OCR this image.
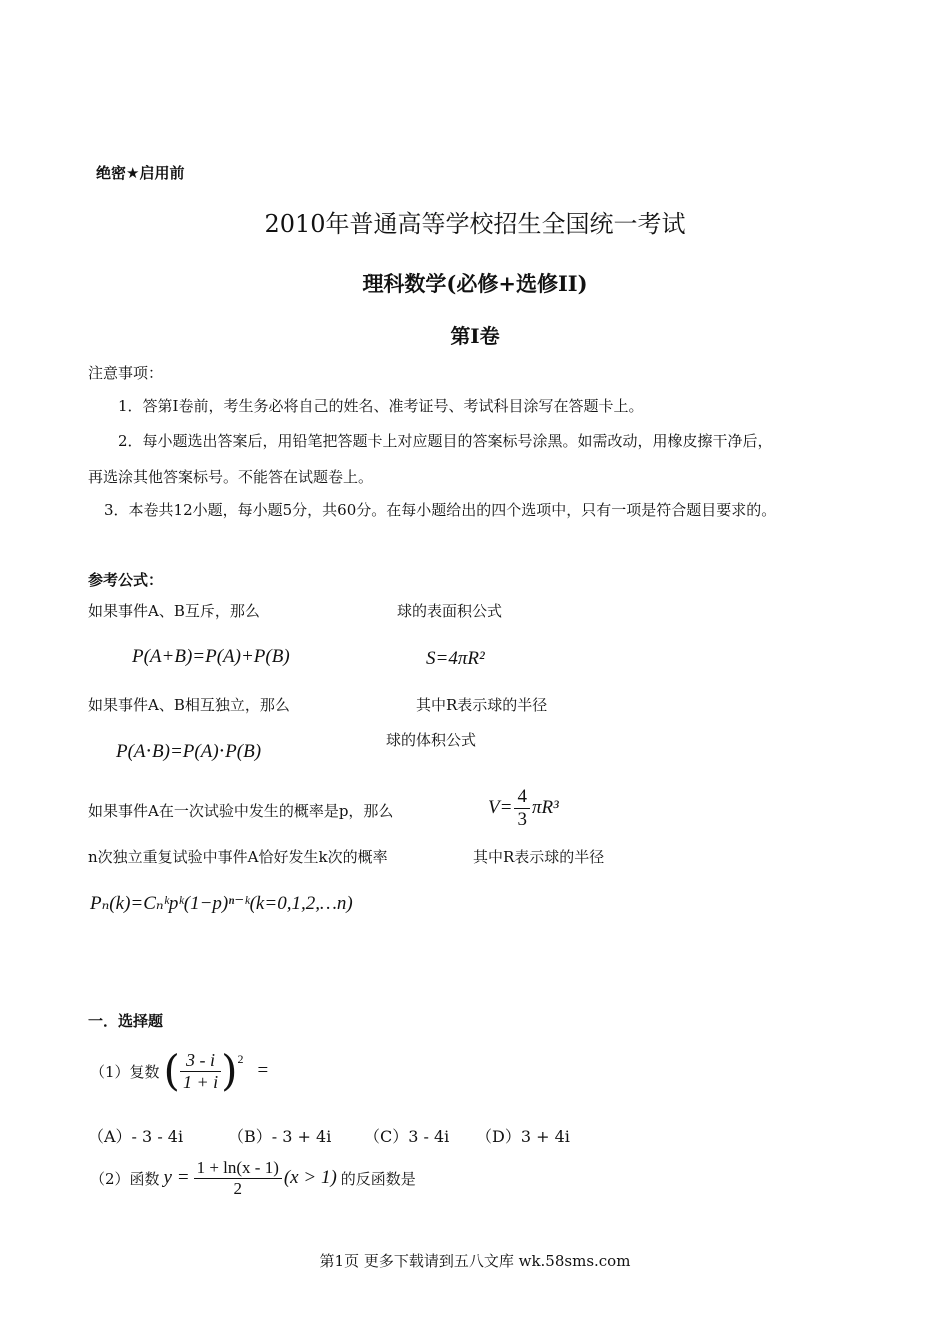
绝密★启用前
2010年普通高等学校招生全国统一考试
理科数学(必修+选修II)
第I卷
注意事项：
1．答第I卷前，考生务必将自己的姓名、准考证号、考试科目涂写在答题卡上。
2．每小题选出答案后，用铅笔把答题卡上对应题目的答案标号涂黑。如需改动，用橡皮擦干净后，
再选涂其他答案标号。不能答在试题卷上。
3．本卷共12小题，每小题5分，共60分。在每小题给出的四个选项中，只有一项是符合题目要求的。
参考公式：
如果事件A、B互斥，那么	球的表面积公式
P(A+B)=P(A)+P(B)	S=4πR²
如果事件A、B相互独立，那么	其中R表示球的半径
P(A⋅B)=P(A)⋅P(B)
球的体积公式
如果事件A在一次试验中发生的概率是p，那么	$V= \frac{4}{3} \pi R^3$
n次独立重复试验中事件A恰好发生k次的概率	其中R表示球的半径
Pₙ(k)=Cₙᵏpᵏ(1−p)ⁿ⁻ᵏ(k=0,1,2,…n)
一．选择题
（1）复数 ( $\frac{3 - i}{1 + i}$ ) 2
=
（A）- 3 - 4i	（B）- 3 + 4i （C）3 - 4i （D）3 + 4i
（2）函数 $y = \frac{1 + \ln(x - 1)}{2} (x > 1)$ 的反函数是
第1页 更多下载请到五八文库 wk.58sms.com
